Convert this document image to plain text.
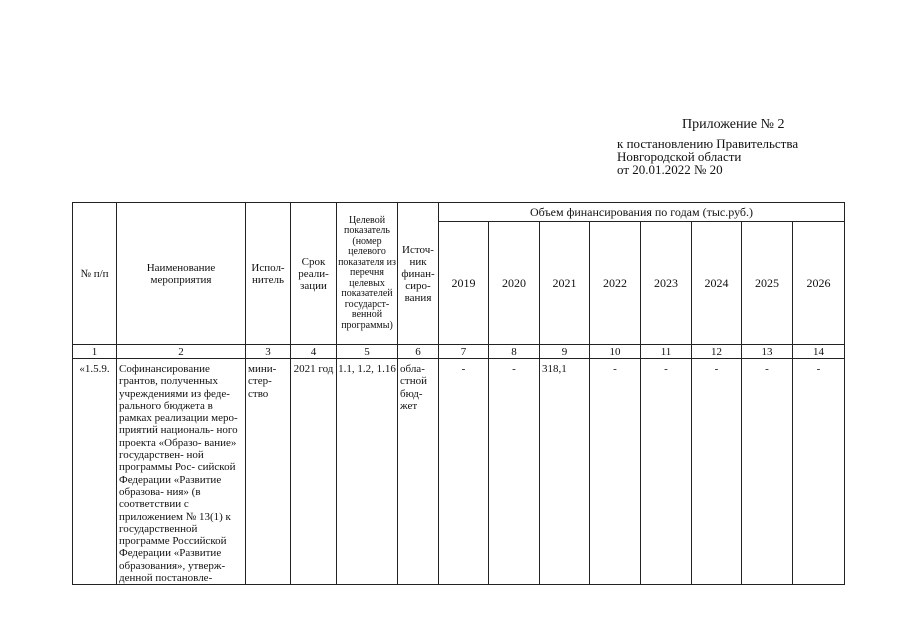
Приложение № 2
к постановлению Правительства
Новгородской области
от 20.01.2022 № 20
№ п/п	Наименование мероприятия	Испол- нитель	Срок реали- зации	Целевой показатель (номер целевого показателя из перечня целевых показателей государст- венной программы)	Источ- ник финан- сиро- вания	Объем финансирования по годам (тыс.руб.)							
						2019	2020	2021	2022	2023	2024	2025	2026
1	2	3	4	5	6	7	8	9	10	11	12	13	14
«1.5.9.	Софинансирование грантов, полученных учреждениями из феде- рального бюджета в рамках реализации меро- приятий националь- ного проекта «Образо- вание» государствен- ной программы Рос- сийской Федерации «Развитие образова- ния» (в соответствии с приложением № 13(1) к государственной программе Российской Федерации «Развитие образования», утверж- денной постановле-	мини- стер- ство	2021 год	1.1, 1.2, 1.16	обла- стной бюд- жет	-	-	318,1	-	-	-	-	-
